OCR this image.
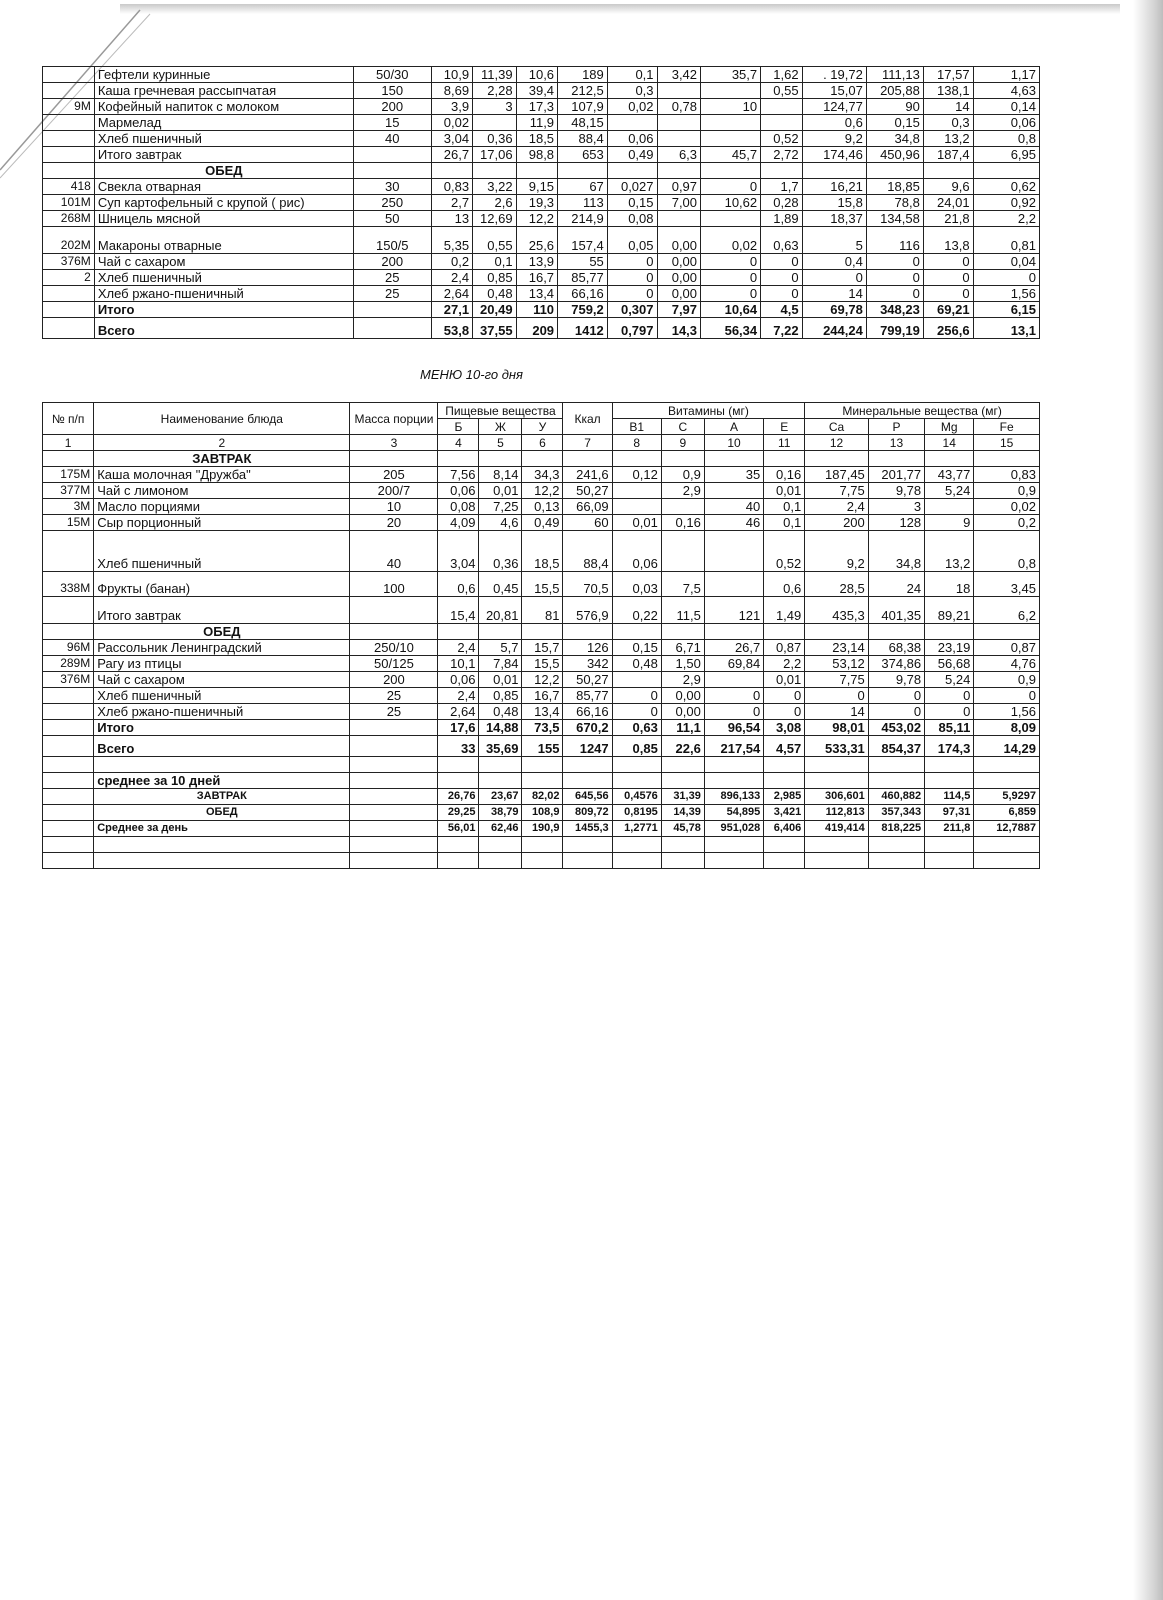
	Гефтели куринные	50/30	10,9	11,39	10,6	189	0,1	3,42	35,7	1,62	. 19,72	111,13	17,57	1,17
	Каша гречневая рассыпчатая	150	8,69	2,28	39,4	212,5	0,3			0,55	15,07	205,88	138,1	4,63
9М	Кофейный напиток с молоком	200	3,9	3	17,3	107,9	0,02	0,78	10		124,77	90	14	0,14
	Мармелад	15	0,02		11,9	48,15					0,6	0,15	0,3	0,06
	Хлеб пшеничный	40	3,04	0,36	18,5	88,4	0,06			0,52	9,2	34,8	13,2	0,8
	Итого завтрак		26,7	17,06	98,8	653	0,49	6,3	45,7	2,72	174,46	450,96	187,4	6,95
	ОБЕД													
418	Свекла отварная	30	0,83	3,22	9,15	67	0,027	0,97	0	1,7	16,21	18,85	9,6	0,62
101М	Суп картофельный с крупой ( рис)	250	2,7	2,6	19,3	113	0,15	7,00	10,62	0,28	15,8	78,8	24,01	0,92
268М	Шницель мясной	50	13	12,69	12,2	214,9	0,08			1,89	18,37	134,58	21,8	2,2
202М	Макароны отварные	150/5	5,35	0,55	25,6	157,4	0,05	0,00	0,02	0,63	5	116	13,8	0,81
376М	Чай с сахаром	200	0,2	0,1	13,9	55	0	0,00	0	0	0,4	0	0	0,04
2	Хлеб пшеничный	25	2,4	0,85	16,7	85,77	0	0,00	0	0	0	0	0	0
	Хлеб ржано-пшеничный	25	2,64	0,48	13,4	66,16	0	0,00	0	0	14	0	0	1,56
	Итого		27,1	20,49	110	759,2	0,307	7,97	10,64	4,5	69,78	348,23	69,21	6,15
	Всего		53,8	37,55	209	1412	0,797	14,3	56,34	7,22	244,24	799,19	256,6	13,1
МЕНЮ 10-го дня
№ п/п	Наименование блюда	Масса порции	Пищевые вещества			Ккал	Витамины (мг)				Минеральные вещества (мг)			
			Б	Ж	У		В1	С	А	Е	Ca	P	Mg	Fe
1	2	3	4	5	6	7	8	9	10	11	12	13	14	15
	ЗАВТРАК													
175М	Каша молочная "Дружба"	205	7,56	8,14	34,3	241,6	0,12	0,9	35	0,16	187,45	201,77	43,77	0,83
377М	Чай с лимоном	200/7	0,06	0,01	12,2	50,27		2,9		0,01	7,75	9,78	5,24	0,9
3М	Масло порциями	10	0,08	7,25	0,13	66,09			40	0,1	2,4	3		0,02
15М	Сыр порционный	20	4,09	4,6	0,49	60	0,01	0,16	46	0,1	200	128	9	0,2
	Хлеб пшеничный	40	3,04	0,36	18,5	88,4	0,06			0,52	9,2	34,8	13,2	0,8
338М	Фрукты (банан)	100	0,6	0,45	15,5	70,5	0,03	7,5		0,6	28,5	24	18	3,45
	Итого завтрак		15,4	20,81	81	576,9	0,22	11,5	121	1,49	435,3	401,35	89,21	6,2
	ОБЕД													
96М	Рассольник Ленинградский	250/10	2,4	5,7	15,7	126	0,15	6,71	26,7	0,87	23,14	68,38	23,19	0,87
289М	Рагу из птицы	50/125	10,1	7,84	15,5	342	0,48	1,50	69,84	2,2	53,12	374,86	56,68	4,76
376М	Чай с сахаром	200	0,06	0,01	12,2	50,27		2,9		0,01	7,75	9,78	5,24	0,9
	Хлеб пшеничный	25	2,4	0,85	16,7	85,77	0	0,00	0	0	0	0	0	0
	Хлеб ржано-пшеничный	25	2,64	0,48	13,4	66,16	0	0,00	0	0	14	0	0	1,56
	Итого		17,6	14,88	73,5	670,2	0,63	11,1	96,54	3,08	98,01	453,02	85,11	8,09
	Всего		33	35,69	155	1247	0,85	22,6	217,54	4,57	533,31	854,37	174,3	14,29

	среднее за 10 дней													
	ЗАВТРАК		26,76	23,67	82,02	645,56	0,4576	31,39	896,133	2,985	306,601	460,882	114,5	5,9297
	ОБЕД		29,25	38,79	108,9	809,72	0,8195	14,39	54,895	3,421	112,813	357,343	97,31	6,859
	Среднее за день		56,01	62,46	190,9	1455,3	1,2771	45,78	951,028	6,406	419,414	818,225	211,8	12,7887
